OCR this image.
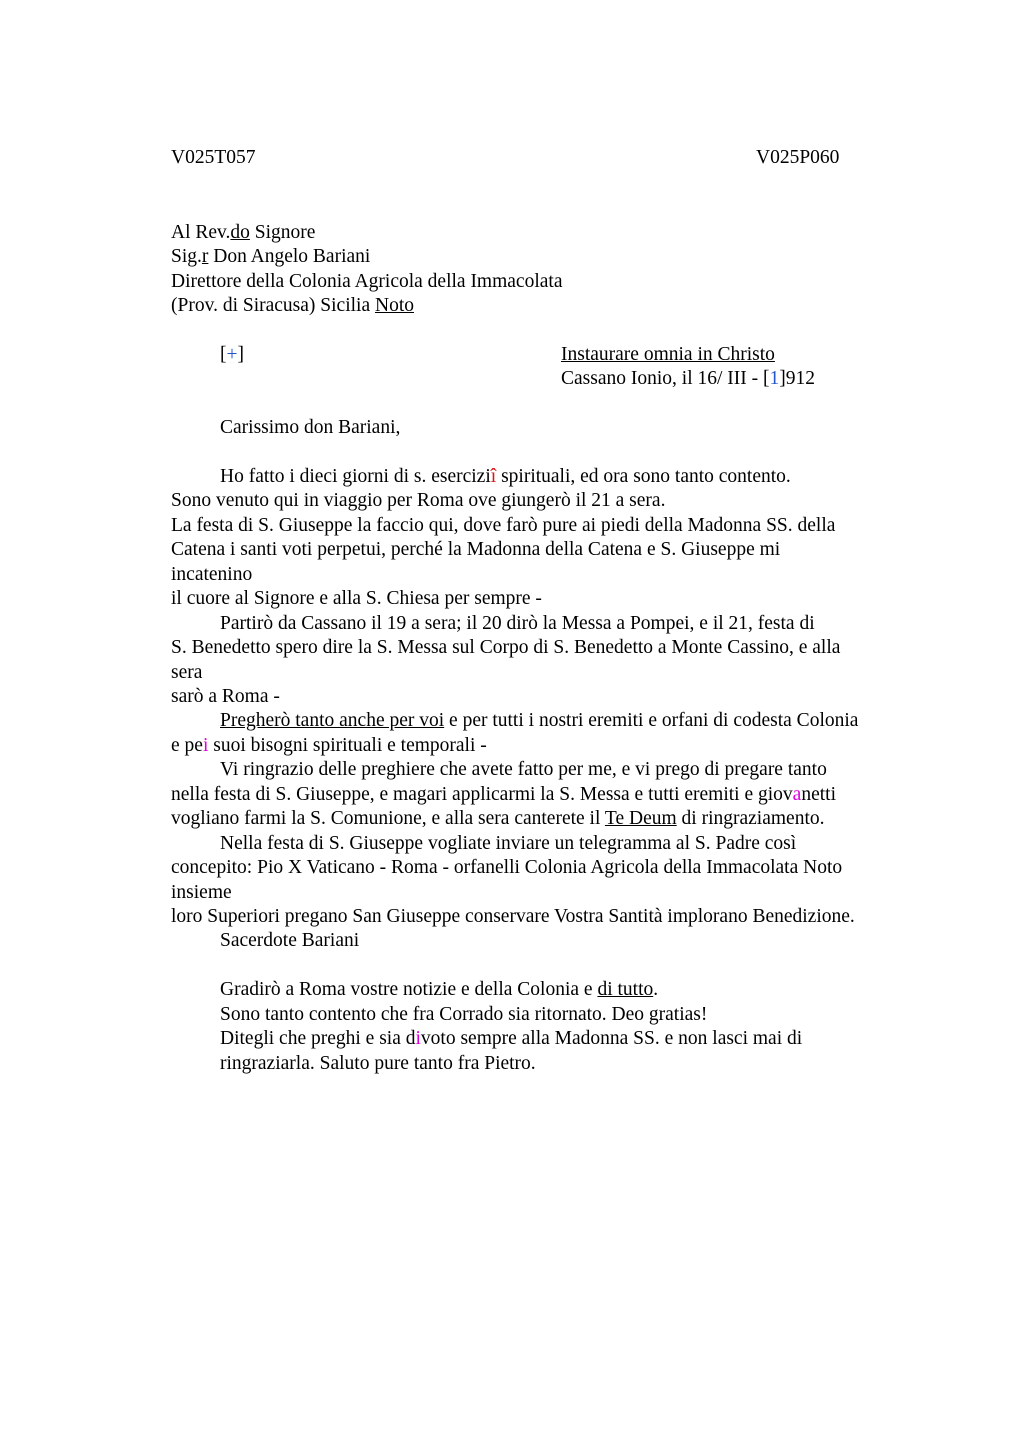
V025T057	V025P060
Al Rev.do Signore
Sig.r Don Angelo Bariani
Direttore della Colonia Agricola della Immacolata
(Prov. di Siracusa) Sicilia Noto
[+]	Instaurare omnia in Christo
Cassano Ionio, il 16/ III - [1]912
Carissimo don Bariani,
Ho fatto i dieci giorni di s. eserciziî spirituali, ed ora sono tanto contento.
Sono venuto qui in viaggio per Roma ove giungerò il 21 a sera.
La festa di S. Giuseppe la faccio qui, dove farò pure ai piedi della Madonna SS. della
Catena i santi voti perpetui, perché la Madonna della Catena e S. Giuseppe mi
incatenino
il cuore al Signore e alla S. Chiesa per sempre -
Partirò da Cassano il 19 a sera; il 20 dirò la Messa a Pompei, e il 21, festa di
S. Benedetto spero dire la S. Messa sul Corpo di S. Benedetto a Monte Cassino, e alla
sera
sarò a Roma -
Pregherò tanto anche per voi e per tutti i nostri eremiti e orfani di codesta Colonia
e pei suoi bisogni spirituali e temporali -
Vi ringrazio delle preghiere che avete fatto per me, e vi prego di pregare tanto
nella festa di S. Giuseppe, e magari applicarmi la S. Messa e tutti eremiti e giovanetti
vogliano farmi la S. Comunione, e alla sera canterete il Te Deum di ringraziamento.
Nella festa di S. Giuseppe vogliate inviare un telegramma al S. Padre così
concepito: Pio X Vaticano - Roma - orfanelli Colonia Agricola della Immacolata Noto
insieme
loro Superiori pregano San Giuseppe conservare Vostra Santità implorano Benedizione.
Sacerdote Bariani
Gradirò a Roma vostre notizie e della Colonia e di tutto.
Sono tanto contento che fra Corrado sia ritornato. Deo gratias!
Ditegli che preghi e sia divoto sempre alla Madonna SS. e non lasci mai di
ringraziarla. Saluto pure tanto fra Pietro.
